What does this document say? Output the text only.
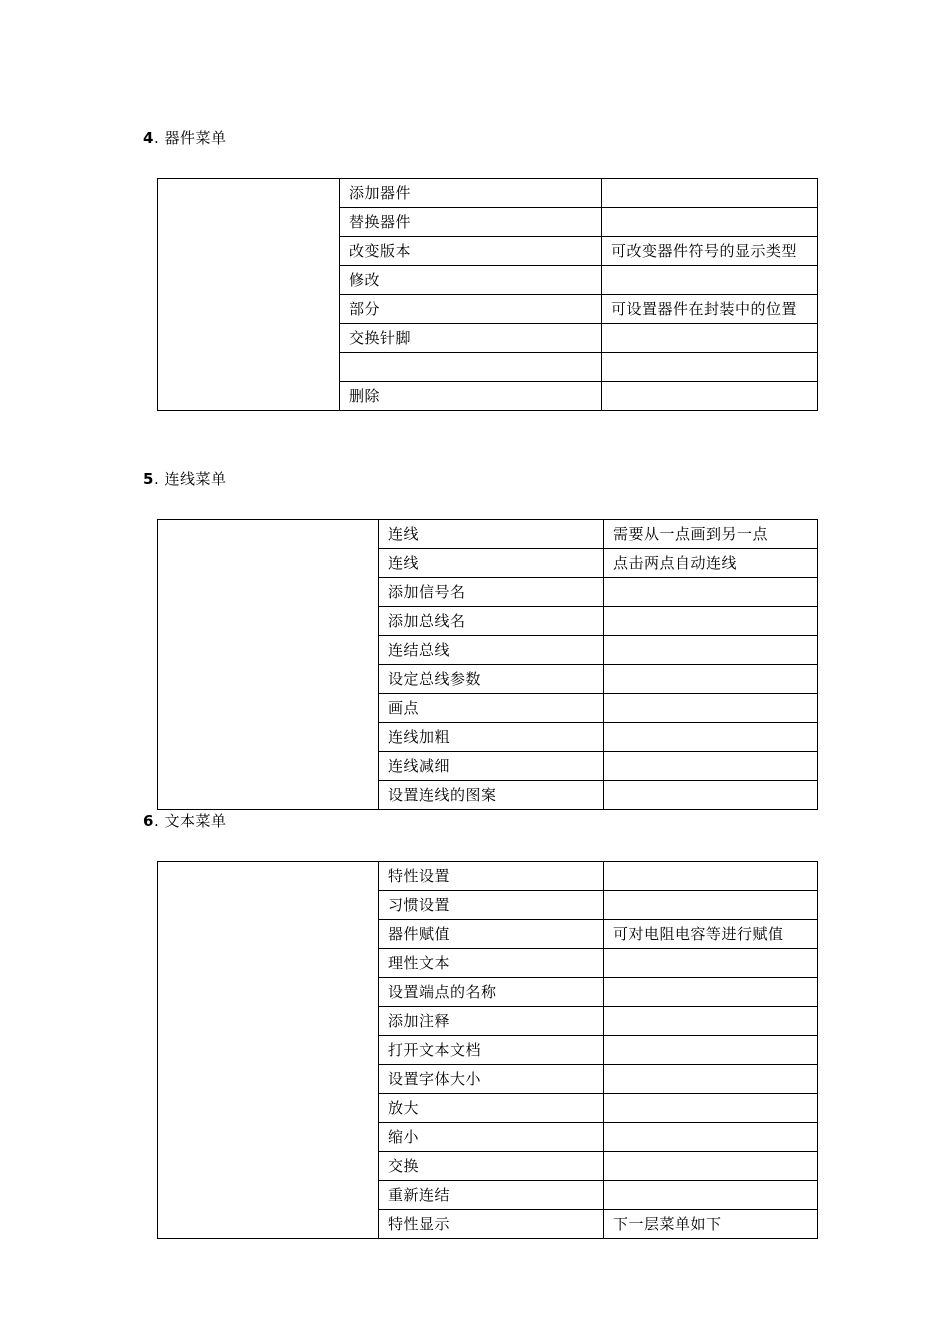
4. 器件菜单
	添加器件	
	替换器件	
	改变版本	可改变器件符号的显示类型
	修改	
	部分	可设置器件在封装中的位置
	交换针脚	

	删除	
5. 连线菜单
	连线	需要从一点画到另一点
	连线	点击两点自动连线
	添加信号名	
	添加总线名	
	连结总线	
	设定总线参数	
	画点	
	连线加粗	
	连线减细	
	设置连线的图案	
6. 文本菜单
	特性设置	
	习惯设置	
	器件赋值	可对电阻电容等进行赋值
	理性文本	
	设置端点的名称	
	添加注释	
	打开文本文档	
	设置字体大小	
	放大	
	缩小	
	交换	
	重新连结	
	特性显示	下一层菜单如下
